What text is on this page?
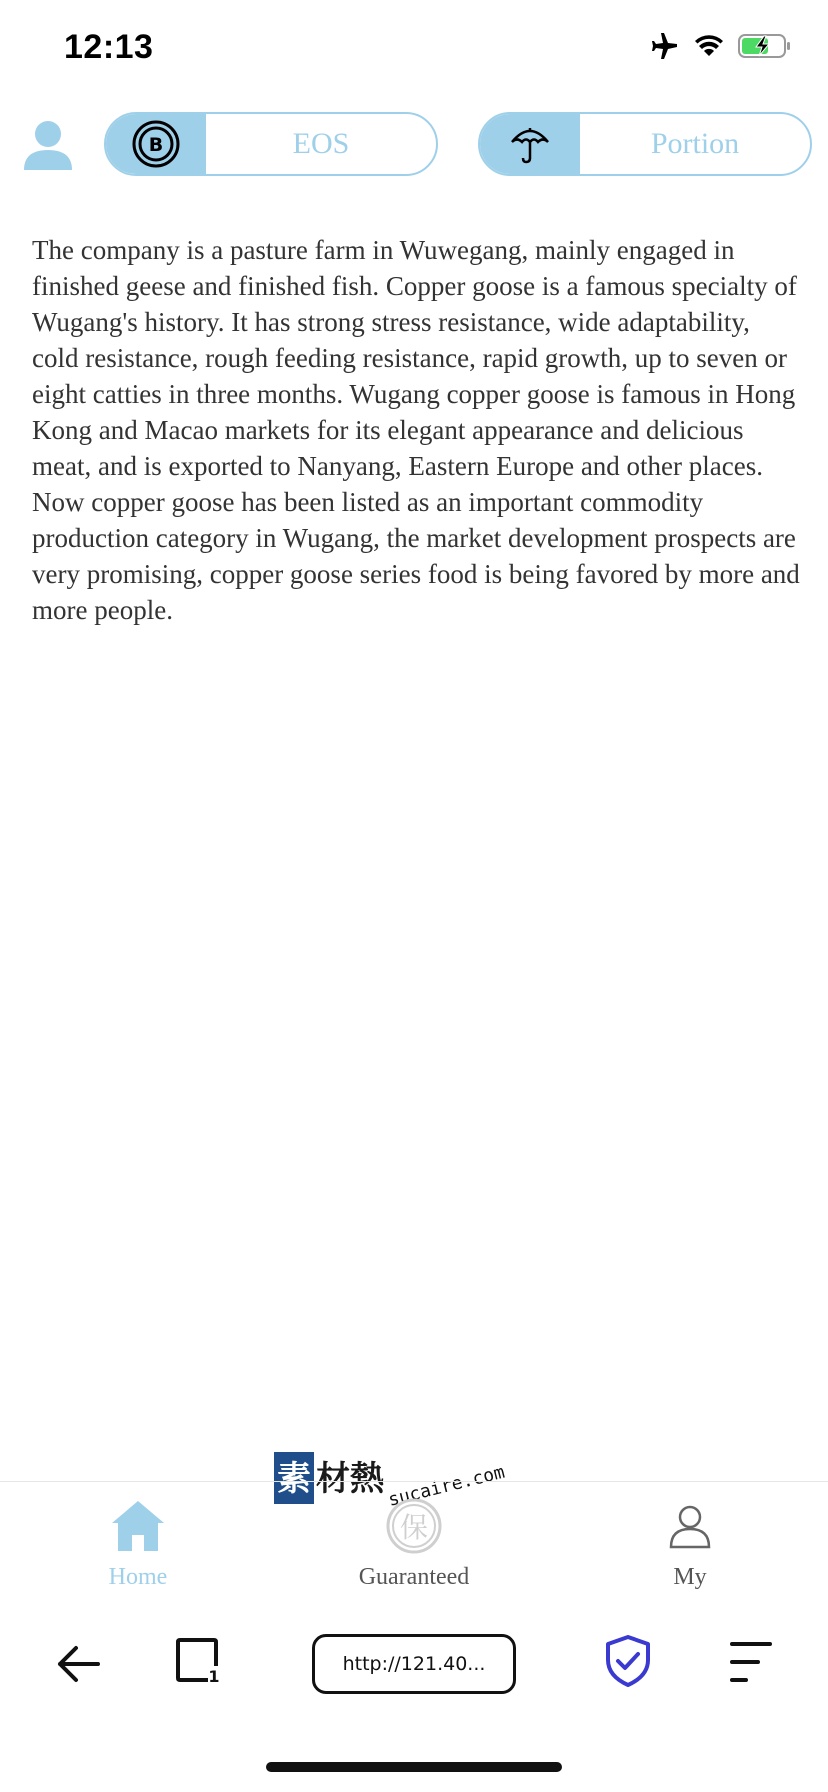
12:13
B	EOS	Portion
The company is a pasture farm in Wuwegang, mainly engaged in finished geese and finished fish. Copper goose is a famous specialty of Wugang's history. It has strong stress resistance, wide adaptability, cold resistance, rough feeding resistance, rapid growth, up to seven or eight catties in three months. Wugang copper goose is famous in Hong Kong and Macao markets for its elegant appearance and delicious meat, and is exported to Nanyang, Eastern Europe and other places. Now copper goose has been listed as an important commodity production category in Wugang, the market development prospects are very promising, copper goose series food is being favored by more and more people.
素 材熱 sucaire.com
Home
保
Guaranteed	My
1
http://121.40...
